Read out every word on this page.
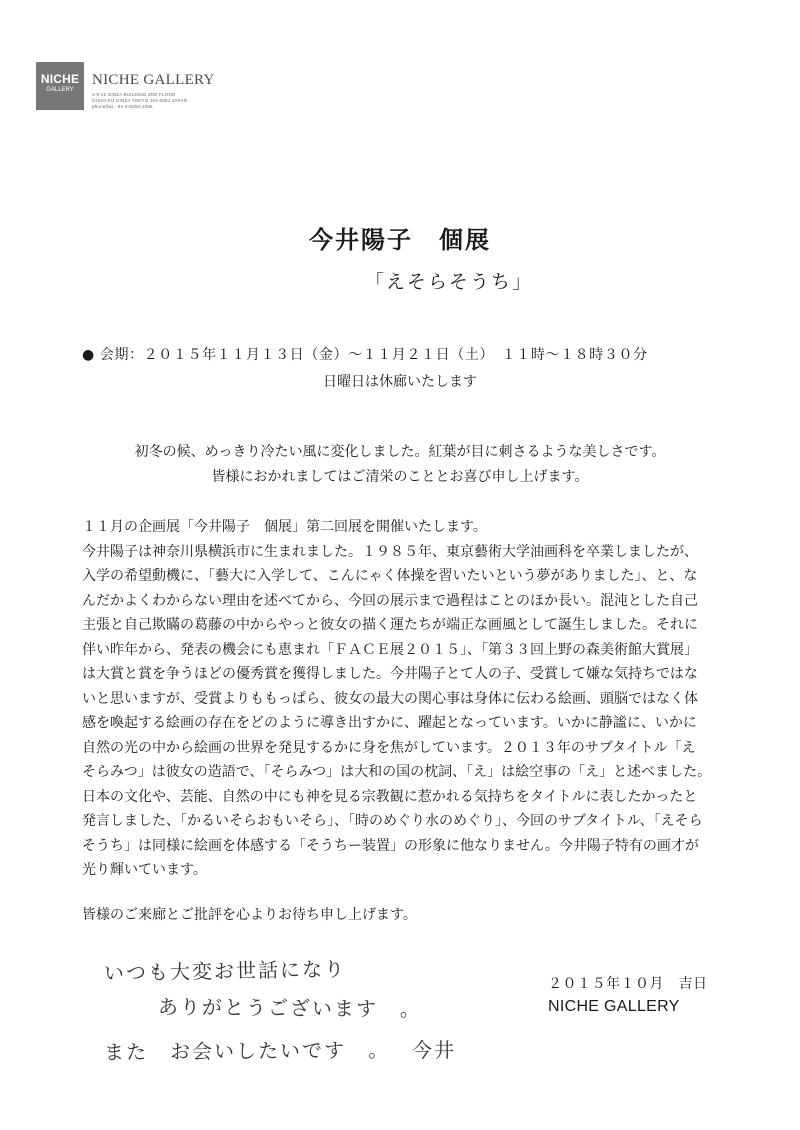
NICHE
GALLERY
NICHE GALLERY
2-9-15 GINZA BUILDING 3RD FLOOR
CHUO-KU GINZA TOKYO 104-0061 JAPAN
phone/fax : 81-3-5250-1066
今井陽子　個展
「えそらそうち」
● 会期：２０１５年１１月１３日（金）～１１月２１日（土）　１１時～１８時３０分
日曜日は休廊いたします
初冬の候、めっきり冷たい風に変化しました。紅葉が目に刺さるような美しさです。
皆様におかれましてはご清栄のこととお喜び申し上げます。
１１月の企画展「今井陽子　個展」第二回展を開催いたします。
今井陽子は神奈川県横浜市に生まれました。１９８５年、東京藝術大学油画科を卒業しましたが、
入学の希望動機に、「藝大に入学して、こんにゃく体操を習いたいという夢がありました」、と、な
んだかよくわからない理由を述べてから、今回の展示まで過程はことのほか長い。混沌とした自己
主張と自己欺瞞の葛藤の中からやっと彼女の描く運たちが端正な画風として誕生しました。それに
伴い昨年から、発表の機会にも恵まれ「ＦＡＣＥ展２０１５」、「第３３回上野の森美術館大賞展」
は大賞と賞を争うほどの優秀賞を獲得しました。今井陽子とて人の子、受賞して嫌な気持ちではな
いと思いますが、受賞よりももっぱら、彼女の最大の関心事は身体に伝わる絵画、頭脳ではなく体
感を喚起する絵画の存在をどのように導き出すかに、躍起となっています。いかに静謐に、いかに
自然の光の中から絵画の世界を発見するかに身を焦がしています。２０１３年のサブタイトル「え
そらみつ」は彼女の造語で、「そらみつ」は大和の国の枕詞、「え」は絵空事の「え」と述べました。
日本の文化や、芸能、自然の中にも神を見る宗教観に惹かれる気持ちをタイトルに表したかったと
発言しました、「かるいそらおもいそら」、「時のめぐり水のめぐり」、今回のサブタイトル、「えそら
そうち」は同様に絵画を体感する「そうちー装置」の形象に他なりません。今井陽子特有の画才が
光り輝いています。
皆様のご来廊とご批評を心よりお待ち申し上げます。
２０１５年１０月　吉日
NICHE GALLERY
いつも大変お世話になり
ありがとうございます　。
また　お会いしたいです　。 今井
